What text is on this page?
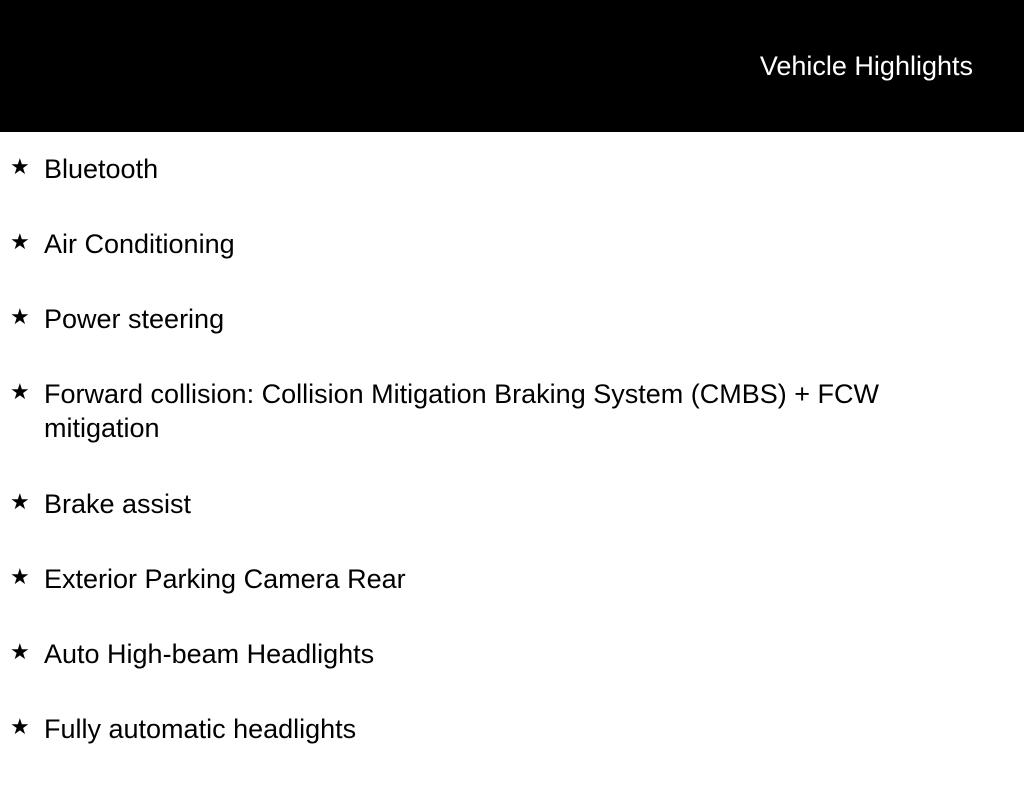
Vehicle Highlights
★ Bluetooth
★ Air Conditioning
★ Power steering
★ Forward collision: Collision Mitigation Braking System (CMBS) + FCW mitigation
★ Brake assist
★ Exterior Parking Camera Rear
★ Auto High-beam Headlights
★ Fully automatic headlights
